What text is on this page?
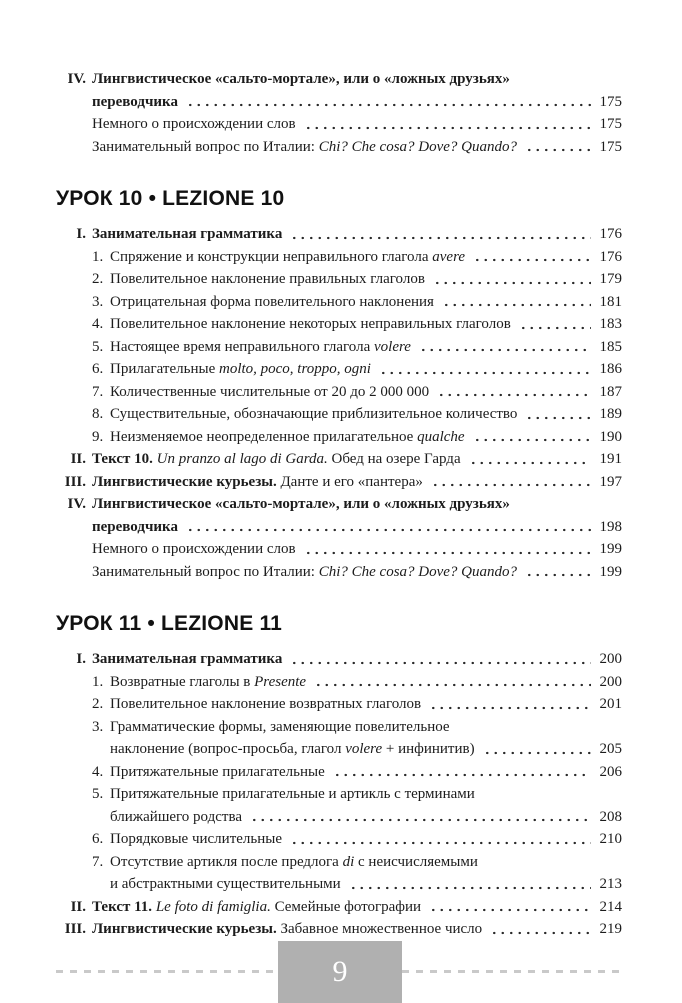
IV. Лингвистическое «сальто-мортале», или о «ложных друзьях»
переводчика	175
Немного о происхождении слов	175
Занимательный вопрос по Италии: Chi? Che cosa? Dove? Quando?	175
УРОК 10 • LEZIONE 10
I. Занимательная грамматика	176
1. Спряжение и конструкции неправильного глагола avere	176
2. Повелительное наклонение правильных глаголов	179
3. Отрицательная форма повелительного наклонения	181
4. Повелительное наклонение некоторых неправильных глаголов	183
5. Настоящее время неправильного глагола volere	185
6. Прилагательные molto, poco, troppo, ogni	186
7. Количественные числительные от 20 до 2 000 000	187
8. Существительные, обозначающие приблизительное количество	189
9. Неизменяемое неопределенное прилагательное qualche	190
II. Текст 10. Un pranzo al lago di Garda. Обед на озере Гарда	191
III. Лингвистические курьезы. Данте и его «пантера»	197
IV. Лингвистическое «сальто-мортале», или о «ложных друзьях»
переводчика	198
Немного о происхождении слов	199
Занимательный вопрос по Италии: Chi? Che cosa? Dove? Quando?	199
УРОК 11 • LEZIONE 11
I. Занимательная грамматика	200
1. Возвратные глаголы в Presente	200
2. Повелительное наклонение возвратных глаголов	201
3. Грамматические формы, заменяющие повелительное
наклонение (вопрос-просьба, глагол volere + инфинитив)	205
4. Притяжательные прилагательные	206
5. Притяжательные прилагательные и артикль с терминами
ближайшего родства	208
6. Порядковые числительные	210
7. Отсутствие артикля после предлога di с неисчисляемыми
и абстрактными существительными	213
II. Текст 11. Le foto di famiglia. Семейные фотографии	214
III. Лингвистические курьезы. Забавное множественное число	219
9
